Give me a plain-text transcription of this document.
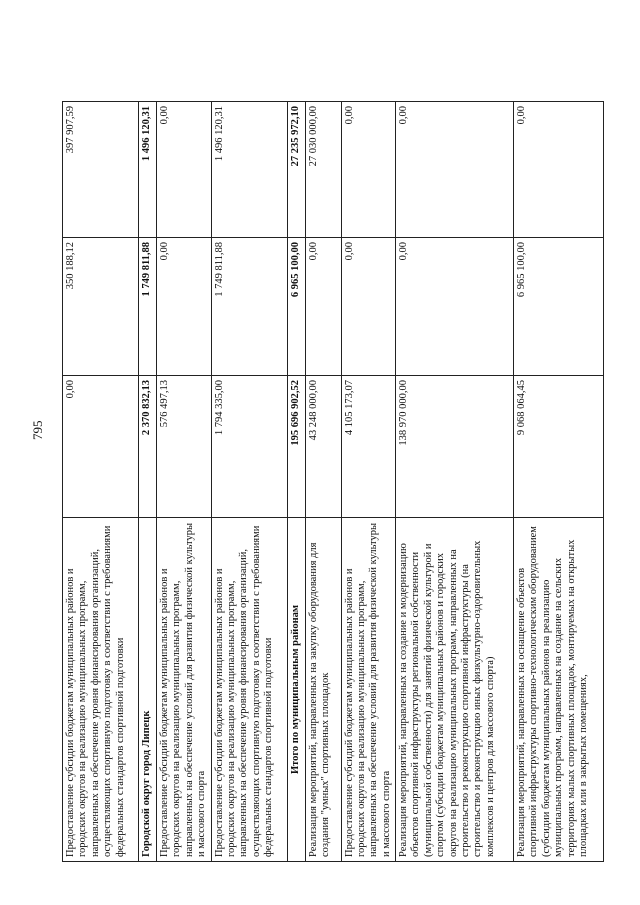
795
Предоставление субсидии бюджетам муниципальных районов и городских округов на реализацию муниципальных программ, направленных на обеспечение уровня финансирования организаций, осуществляющих спортивную подготовку в соответствии с требованиями федеральных стандартов спортивной подготовки	0,00	350 188,12	397 907,59
Городской округ город Липецк	2 370 832,13	1 749 811,88	1 496 120,31
Предоставление субсидий бюджетам муниципальных районов и городских округов на реализацию муниципальных программ, направленных на обеспечение условий для развития физической культуры и массового спорта	576 497,13	0,00	0,00
Предоставление субсидии бюджетам муниципальных районов и городских округов на реализацию муниципальных программ, направленных на обеспечение уровня финансирования организаций, осуществляющих спортивную подготовку в соответствии с требованиями федеральных стандартов спортивной подготовки	1 794 335,00	1 749 811,88	1 496 120,31
Итого по муниципальным районам	195 696 902,52	6 965 100,00	27 235 972,10
Реализация мероприятий, направленных на закупку оборудования для создания "умных" спортивных площадок	43 248 000,00	0,00	27 030 000,00
Предоставление субсидий бюджетам муниципальных районов и городских округов на реализацию муниципальных программ, направленных на обеспечение условий для развития физической культуры и массового спорта	4 105 173,07	0,00	0,00
Реализация мероприятий, направленных на создание и модернизацию объектов спортивной инфраструктуры региональной собственности (муниципальной собственности) для занятий физической культурой и спортом (субсидии бюджетам муниципальных районов и городских округов на реализацию муниципальных программ, направленных на строительство и реконструкцию спортивной инфраструктуры (на строительство и реконструкцию иных физкультурно-оздоровительных комплексов и центров для массового спорта)	138 970 000,00	0,00	0,00
Реализация мероприятий, направленных на оснащение объектов спортивной инфраструктуры спортивно-технологическим оборудованием (субсидии бюджетам муниципальных районов на реализацию муниципальных программ, направленных на создание на сельских территориях малых спортивных площадок, монтируемых на открытых площадках или в закрытых помещениях,	9 068 064,45	6 965 100,00	0,00
